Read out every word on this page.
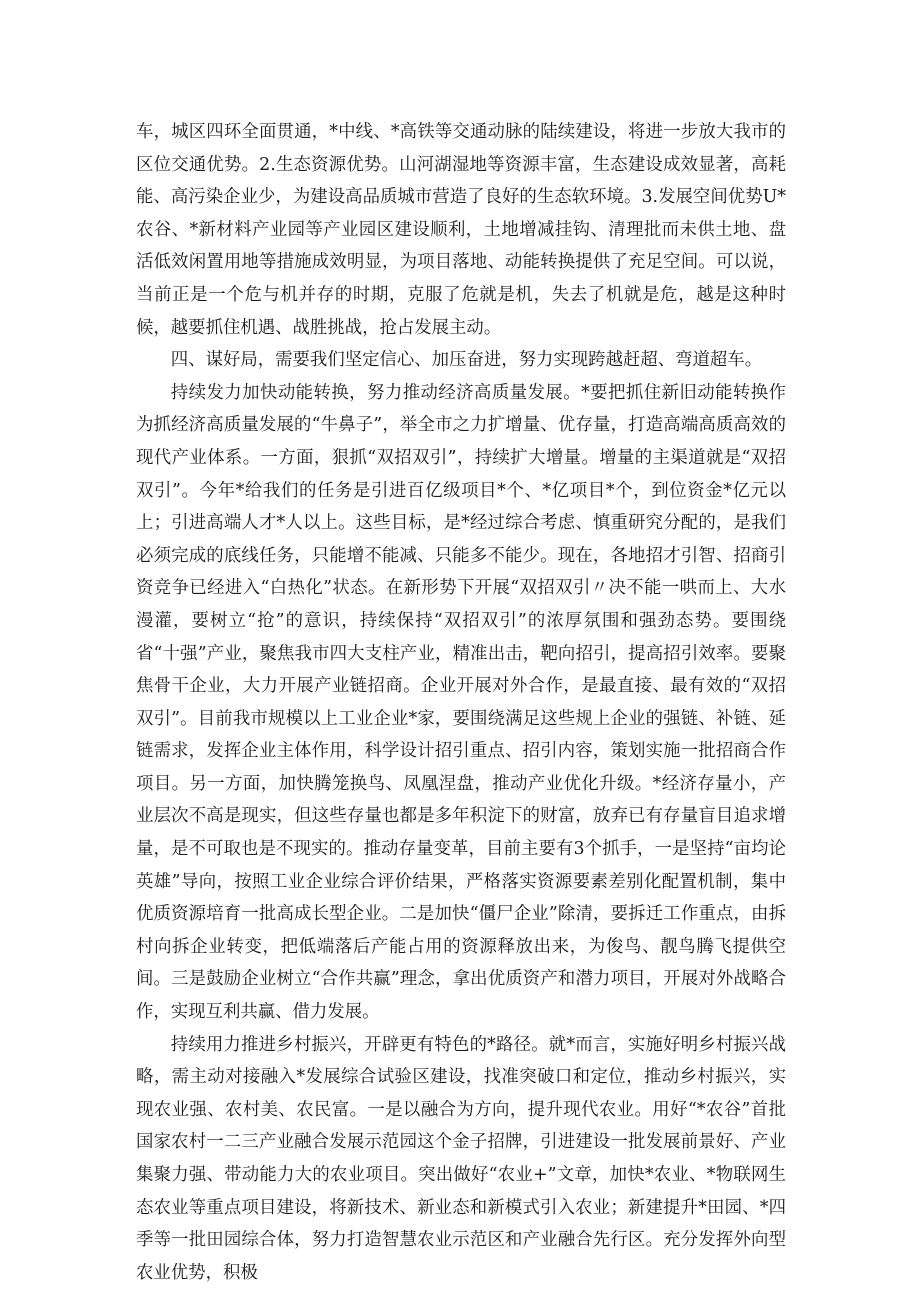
车，城区四环全面贯通，*中线、*高铁等交通动脉的陆续建设，将进一步放大我市的区位交通优势。2.生态资源优势。山河湖湿地等资源丰富，生态建设成效显著，高耗能、高污染企业少，为建设高品质城市营造了良好的生态软环境。3.发展空间优势U*农谷、*新材料产业园等产业园区建设顺利，土地增减挂钩、清理批而未供土地、盘活低效闲置用地等措施成效明显，为项目落地、动能转换提供了充足空间。可以说，当前正是一个危与机并存的时期，克服了危就是机，失去了机就是危，越是这种时候，越要抓住机遇、战胜挑战，抢占发展主动。

四、谋好局，需要我们坚定信心、加压奋进，努力实现跨越赶超、弯道超车。

持续发力加快动能转换，努力推动经济高质量发展。*要把抓住新旧动能转换作为抓经济高质量发展的“牛鼻子”，举全市之力扩增量、优存量，打造高端高质高效的现代产业体系。一方面，狠抓“双招双引”，持续扩大增量。增量的主渠道就是“双招双引”。今年*给我们的任务是引进百亿级项目*个、*亿项目*个，到位资金*亿元以上；引进高端人才*人以上。这些目标，是*经过综合考虑、慎重研究分配的，是我们必须完成的底线任务，只能增不能减、只能多不能少。现在，各地招才引智、招商引资竞争已经进入“白热化”状态。在新形势下开展“双招双引〃决不能一哄而上、大水漫灌，要树立“抢”的意识，持续保持“双招双引”的浓厚氛围和强劲态势。要围绕省“十强”产业，聚焦我市四大支柱产业，精准出击，靶向招引，提高招引效率。要聚焦骨干企业，大力开展产业链招商。企业开展对外合作，是最直接、最有效的“双招双引”。目前我市规模以上工业企业*家，要围绕满足这些规上企业的强链、补链、延链需求，发挥企业主体作用，科学设计招引重点、招引内容，策划实施一批招商合作项目。另一方面，加快腾笼换鸟、凤凰涅盘，推动产业优化升级。*经济存量小，产业层次不高是现实，但这些存量也都是多年积淀下的财富，放弃已有存量盲目追求增量，是不可取也是不现实的。推动存量变革，目前主要有3个抓手，一是坚持“亩均论英雄”导向，按照工业企业综合评价结果，严格落实资源要素差别化配置机制，集中优质资源培育一批高成长型企业。二是加快“僵尸企业”除清，要拆迁工作重点，由拆村向拆企业转变，把低端落后产能占用的资源释放出来，为俊鸟、靓鸟腾飞提供空间。三是鼓励企业树立“合作共赢”理念，拿出优质资产和潜力项目，开展对外战略合作，实现互利共赢、借力发展。

持续用力推进乡村振兴，开辟更有特色的*路径。就*而言，实施好明乡村振兴战略，需主动对接融入*发展综合试验区建设，找准突破口和定位，推动乡村振兴，实现农业强、农村美、农民富。一是以融合为方向，提升现代农业。用好“*农谷”首批国家农村一二三产业融合发展示范园这个金子招牌，引进建设一批发展前景好、产业集聚力强、带动能力大的农业项目。突出做好“农业+”文章，加快*农业、*物联网生态农业等重点项目建设，将新技术、新业态和新模式引入农业；新建提升*田园、*四季等一批田园综合体，努力打造智慧农业示范区和产业融合先行区。充分发挥外向型农业优势，积极
